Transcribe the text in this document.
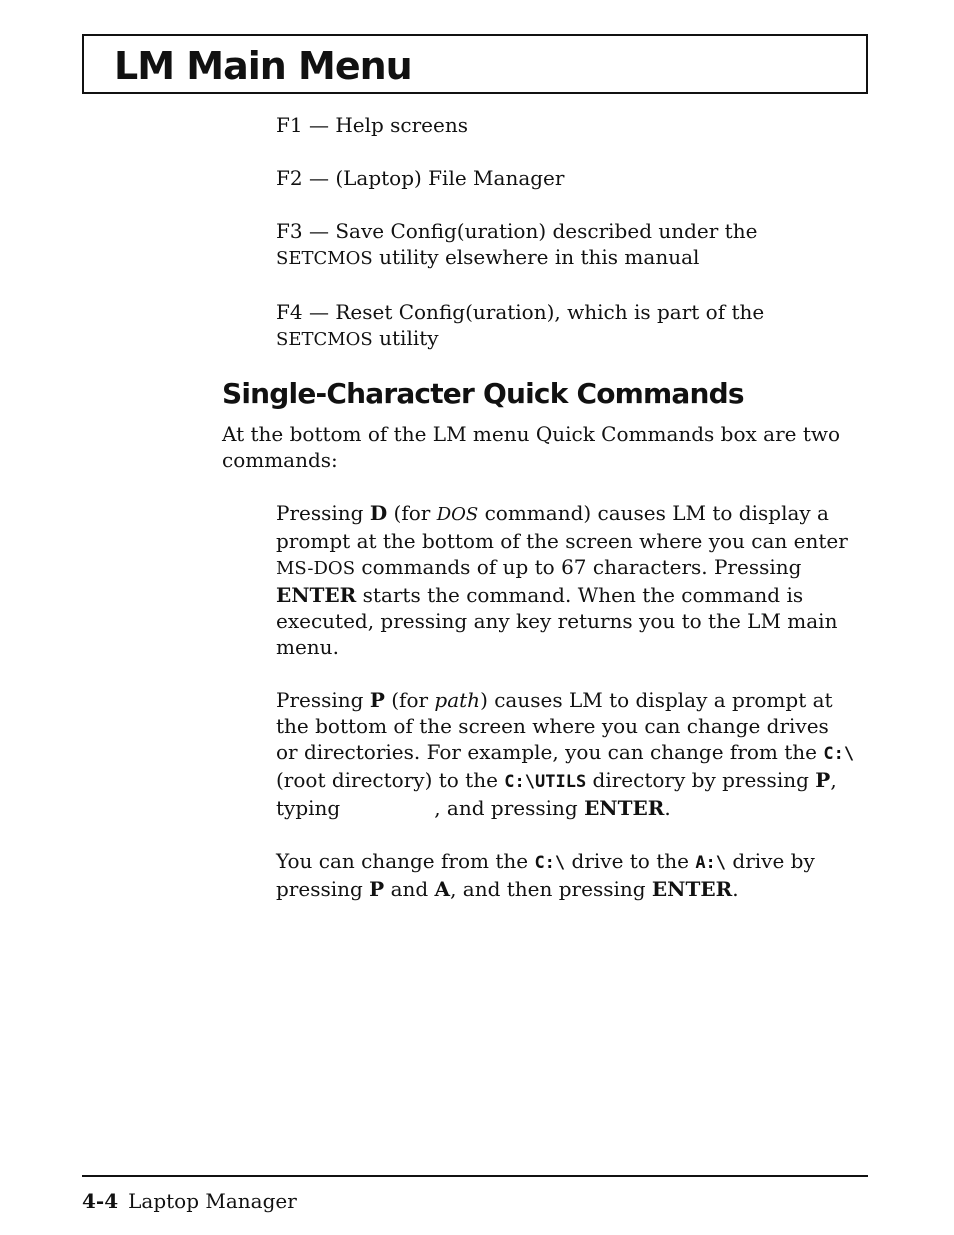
LM Main Menu

F1 — Help screens

F2 — (Laptop) File Manager

F3 — Save Config(uration) described under the
SETCMOS utility elsewhere in this manual

F4 — Reset Config(uration), which is part of the
SETCMOS utility

Single-Character Quick Commands

At the bottom of the LM menu Quick Commands box are two commands:

Pressing D (for DOS command) causes LM to display a prompt at the bottom of the screen where you can enter MS-DOS commands of up to 67 characters. Pressing ENTER starts the command. When the command is executed, pressing any key returns you to the LM main menu.

Pressing P (for path) causes LM to display a prompt at the bottom of the screen where you can change drives or directories. For example, you can change from the C:\ (root directory) to the C:\UTILS directory by pressing P, typing	, and pressing ENTER.

You can change from the C:\ drive to the A:\ drive by pressing P and A, and then pressing ENTER.

4-4 Laptop Manager
